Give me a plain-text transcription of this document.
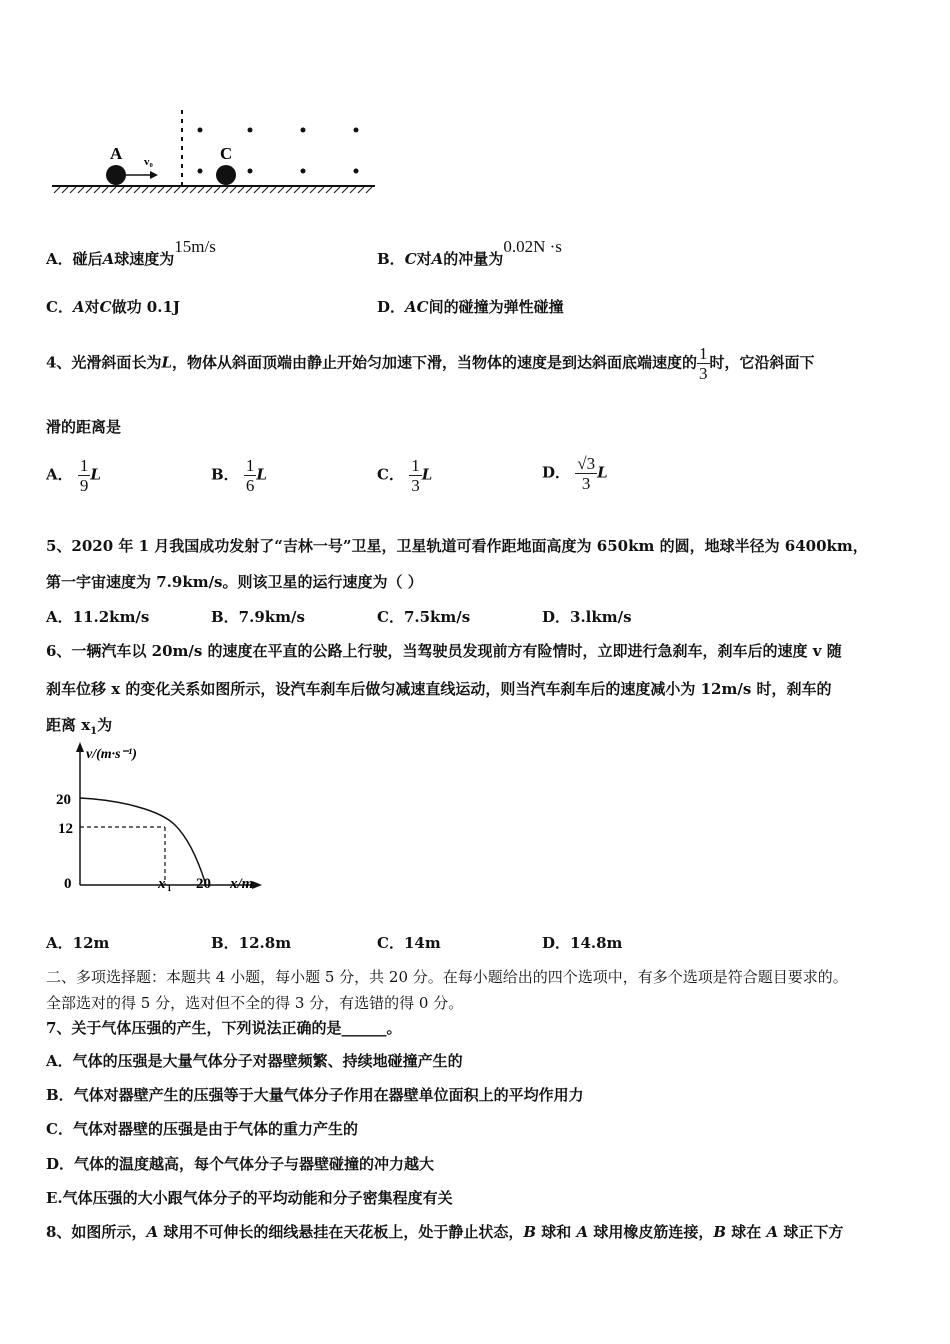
A v₀	C
A．碰后A球速度为15m/s
B．C对A的冲量为0.02N ·s
C．A对C做功 0.1J	D．AC间的碰撞为弹性碰撞
4、光滑斜面长为L，物体从斜面顶端由静止开始匀加速下滑，当物体的速度是到达斜面底端速度的 $\frac{1}{3}$ 时，它沿斜面下
滑的距离是
A． $\frac{1}{9}$ L	B． $\frac{1}{6}$ L	C． $\frac{1}{3}$ L	D． $\frac{√3}{3}$ L
5、2020 年 1 月我国成功发射了“吉林一号”卫星，卫星轨道可看作距地面高度为 650km 的圆，地球半径为 6400km，
第一宇宙速度为 7.9km/s。则该卫星的运行速度为（ ）
A．11.2km/s	B．7.9km/s	C．7.5km/s	D．3.lkm/s
6、一辆汽车以 20m/s 的速度在平直的公路上行驶，当驾驶员发现前方有险情时，立即进行急刹车，刹车后的速度 v 随
刹车位移 x 的变化关系如图所示，设汽车刹车后做匀减速直线运动，则当汽车刹车后的速度减小为 12m/s 时，刹车的
距离 $x_1$为
v/(m·s⁻¹)
20
12
0	x 1 20 x/m
A．12m	B．12.8m	C．14m	D．14.8m
二、多项选择题：本题共 4 小题，每小题 5 分，共 20 分。在每小题给出的四个选项中，有多个选项是符合题目要求的。
全部选对的得 5 分，选对但不全的得 3 分，有选错的得 0 分。
7、关于气体压强的产生，下列说法正确的是______。
A．气体的压强是大量气体分子对器壁频繁、持续地碰撞产生的
B．气体对器壁产生的压强等于大量气体分子作用在器壁单位面积上的平均作用力
C．气体对器壁的压强是由于气体的重力产生的
D．气体的温度越高，每个气体分子与器壁碰撞的冲力越大
E.气体压强的大小跟气体分子的平均动能和分子密集程度有关
8、如图所示，A 球用不可伸长的细线悬挂在天花板上，处于静止状态，B 球和 A 球用橡皮筋连接，B 球在 A 球正下方
